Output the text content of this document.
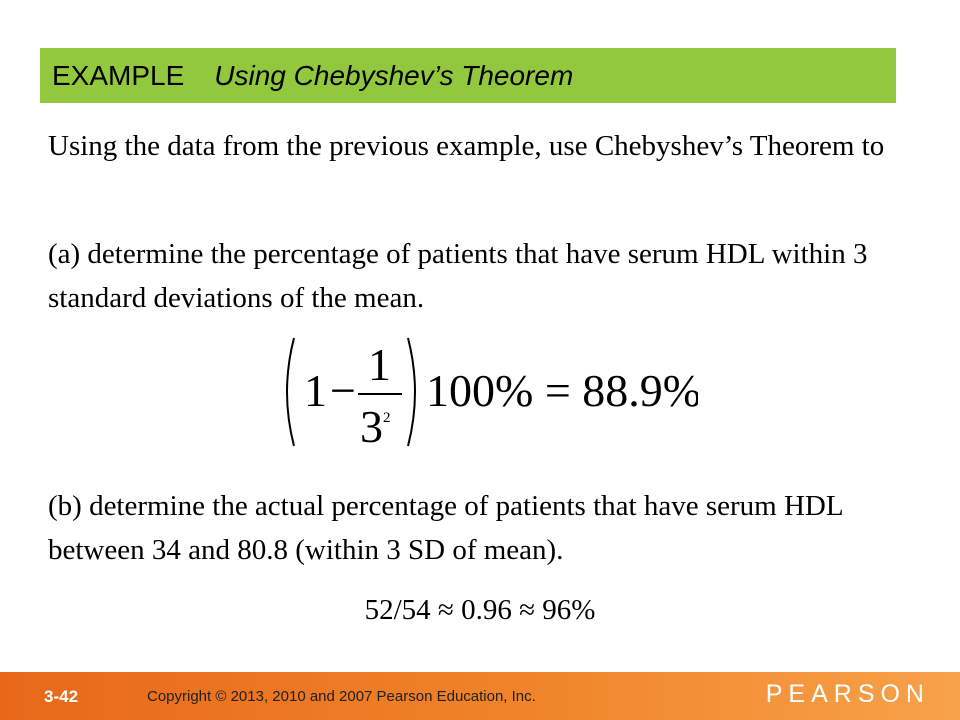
EXAMPLE Using Chebyshev’s Theorem

Using the data from the previous example, use Chebyshev’s Theorem to

(a) determine the percentage of patients that have serum HDL within 3 standard deviations of the mean.

1 −
1
3 2
100% = 88.9%

(b) determine the actual percentage of patients that have serum HDL between 34 and 80.8 (within 3 SD of mean).

52/54 ≈ 0.96 ≈ 96%
3-42	Copyright © 2013, 2010 and 2007 Pearson Education, Inc.	PEARSON
